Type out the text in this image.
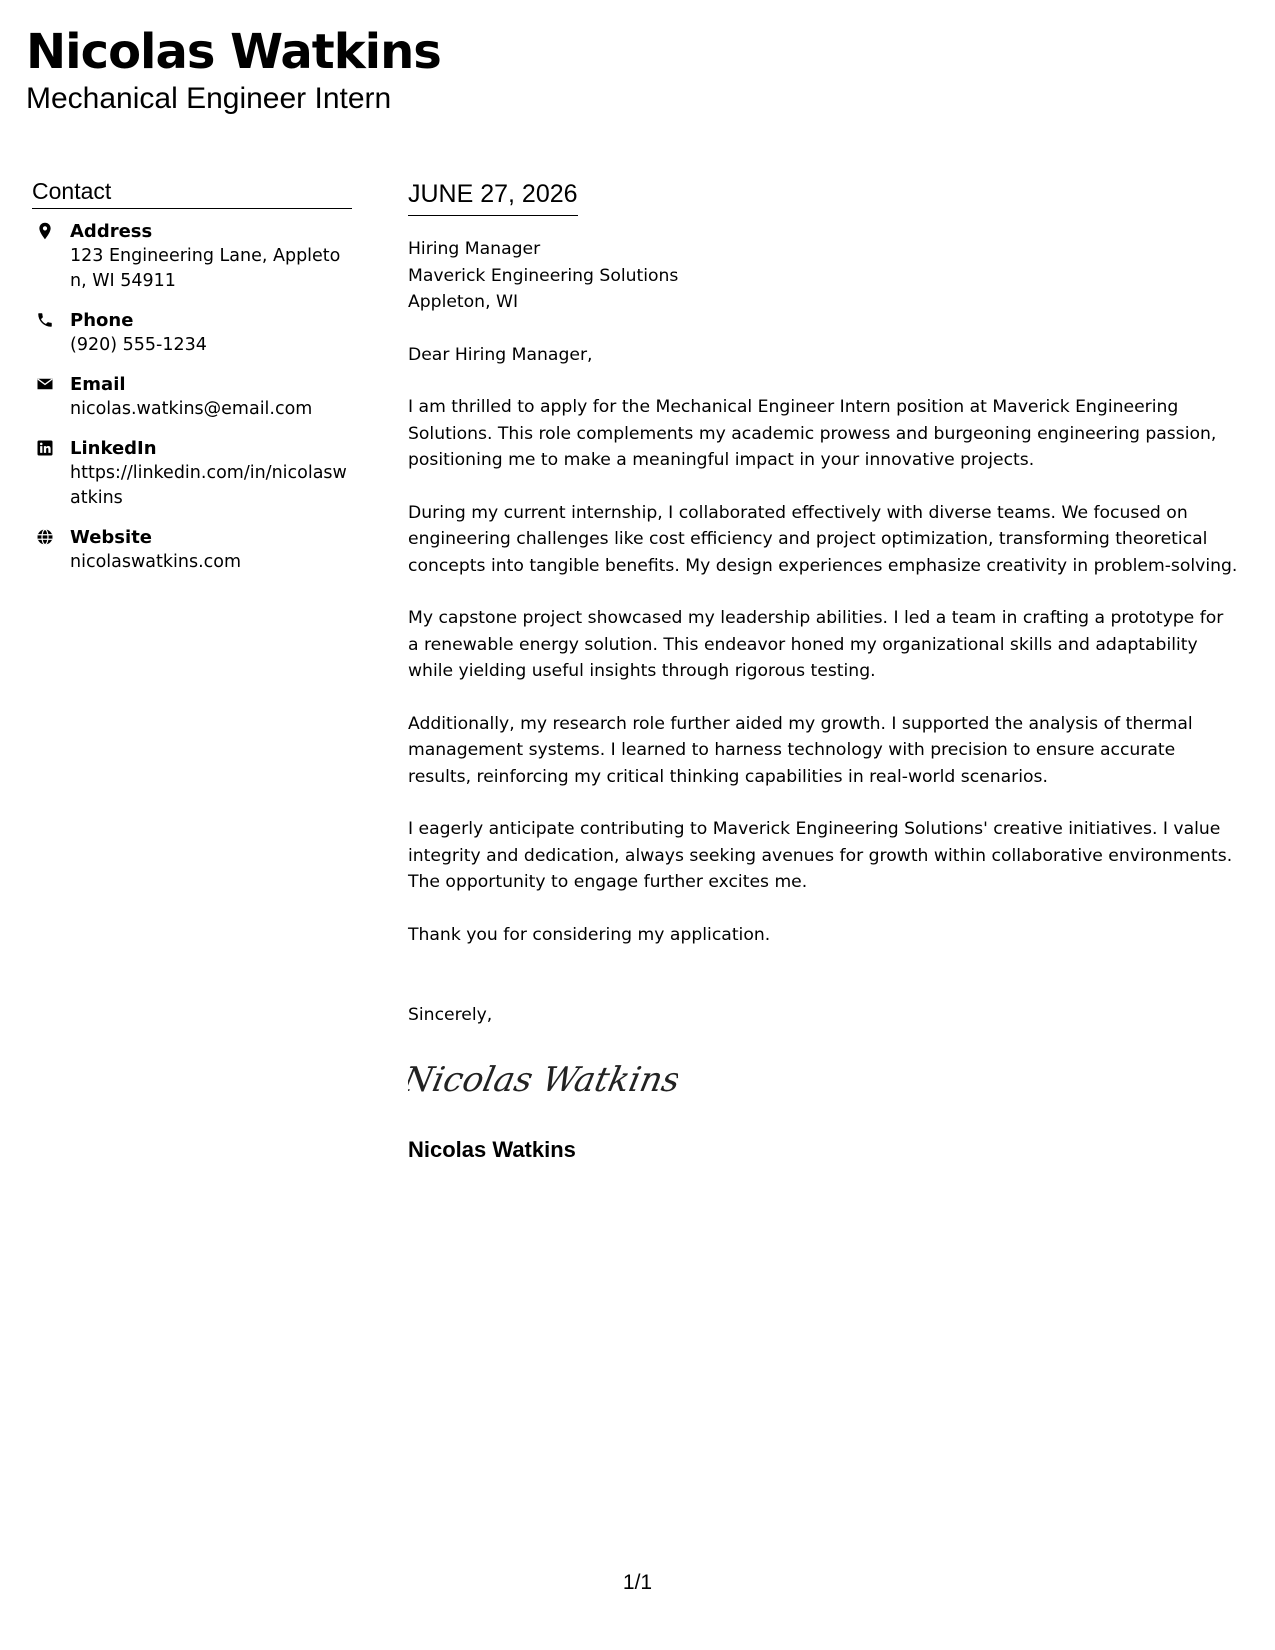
Nicolas Watkins
Mechanical Engineer Intern
Contact
Address
123 Engineering Lane, Appleton, WI 54911
Phone
(920) 555-1234
Email
nicolas.watkins@email.com
LinkedIn
https://linkedin.com/in/nicolaswatkins
Website
nicolaswatkins.com
JUNE 27, 2026
Hiring Manager
Maverick Engineering Solutions
Appleton, WI
Dear Hiring Manager,

I am thrilled to apply for the Mechanical Engineer Intern position at Maverick Engineering Solutions. This role complements my academic prowess and burgeoning engineering passion, positioning me to make a meaningful impact in your innovative projects.

During my current internship, I collaborated effectively with diverse teams. We focused on engineering challenges like cost efficiency and project optimization, transforming theoretical concepts into tangible benefits. My design experiences emphasize creativity in problem-solving.

My capstone project showcased my leadership abilities. I led a team in crafting a prototype for a renewable energy solution. This endeavor honed my organizational skills and adaptability while yielding useful insights through rigorous testing.

Additionally, my research role further aided my growth. I supported the analysis of thermal management systems. I learned to harness technology with precision to ensure accurate results, reinforcing my critical thinking capabilities in real-world scenarios.

I eagerly anticipate contributing to Maverick Engineering Solutions' creative initiatives. I value integrity and dedication, always seeking avenues for growth within collaborative environments. The opportunity to engage further excites me.

Thank you for considering my application.

Sincerely,
Nicolas Watkins
Nicolas Watkins
1/1
